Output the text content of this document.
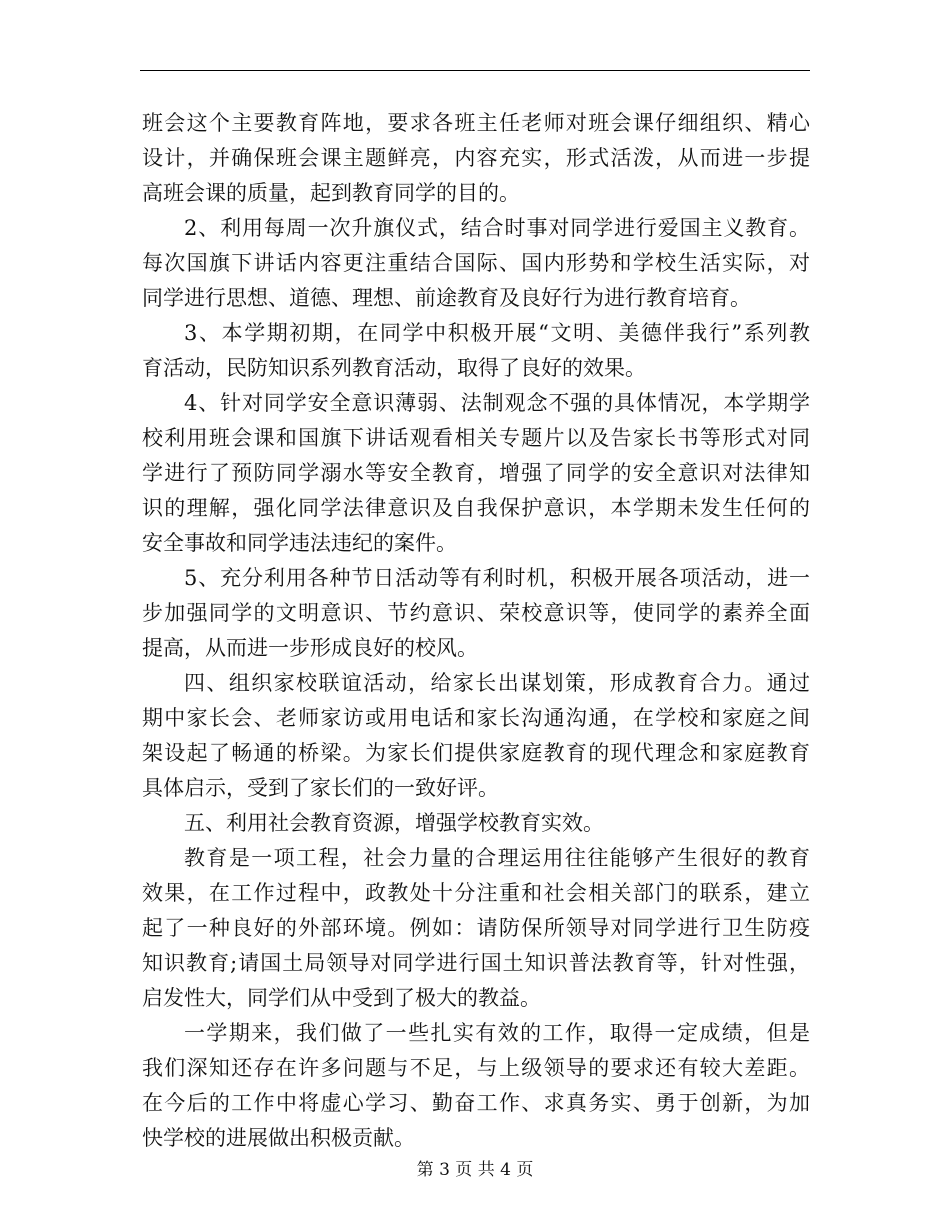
班会这个主要教育阵地，要求各班主任老师对班会课仔细组织、精心
设计，并确保班会课主题鲜亮，内容充实，形式活泼，从而进一步提
高班会课的质量，起到教育同学的目的。
2、利用每周一次升旗仪式，结合时事对同学进行爱国主义教育。
每次国旗下讲话内容更注重结合国际、国内形势和学校生活实际，对
同学进行思想、道德、理想、前途教育及良好行为进行教育培育。
3、本学期初期，在同学中积极开展“文明、美德伴我行”系列教
育活动，民防知识系列教育活动，取得了良好的效果。
4、针对同学安全意识薄弱、法制观念不强的具体情况，本学期学
校利用班会课和国旗下讲话观看相关专题片以及告家长书等形式对同
学进行了预防同学溺水等安全教育，增强了同学的安全意识对法律知
识的理解，强化同学法律意识及自我保护意识，本学期未发生任何的
安全事故和同学违法违纪的案件。
5、充分利用各种节日活动等有利时机，积极开展各项活动，进一
步加强同学的文明意识、节约意识、荣校意识等，使同学的素养全面
提高，从而进一步形成良好的校风。
四、组织家校联谊活动，给家长出谋划策，形成教育合力。通过
期中家长会、老师家访或用电话和家长沟通沟通，在学校和家庭之间
架设起了畅通的桥梁。为家长们提供家庭教育的现代理念和家庭教育
具体启示，受到了家长们的一致好评。
五、利用社会教育资源，增强学校教育实效。
教育是一项工程，社会力量的合理运用往往能够产生很好的教育
效果，在工作过程中，政教处十分注重和社会相关部门的联系，建立
起了一种良好的外部环境。例如：请防保所领导对同学进行卫生防疫
知识教育;请国土局领导对同学进行国土知识普法教育等，针对性强，
启发性大，同学们从中受到了极大的教益。
一学期来，我们做了一些扎实有效的工作，取得一定成绩，但是
我们深知还存在许多问题与不足，与上级领导的要求还有较大差距。
在今后的工作中将虚心学习、勤奋工作、求真务实、勇于创新，为加
快学校的进展做出积极贡献。
第 3 页 共 4 页
